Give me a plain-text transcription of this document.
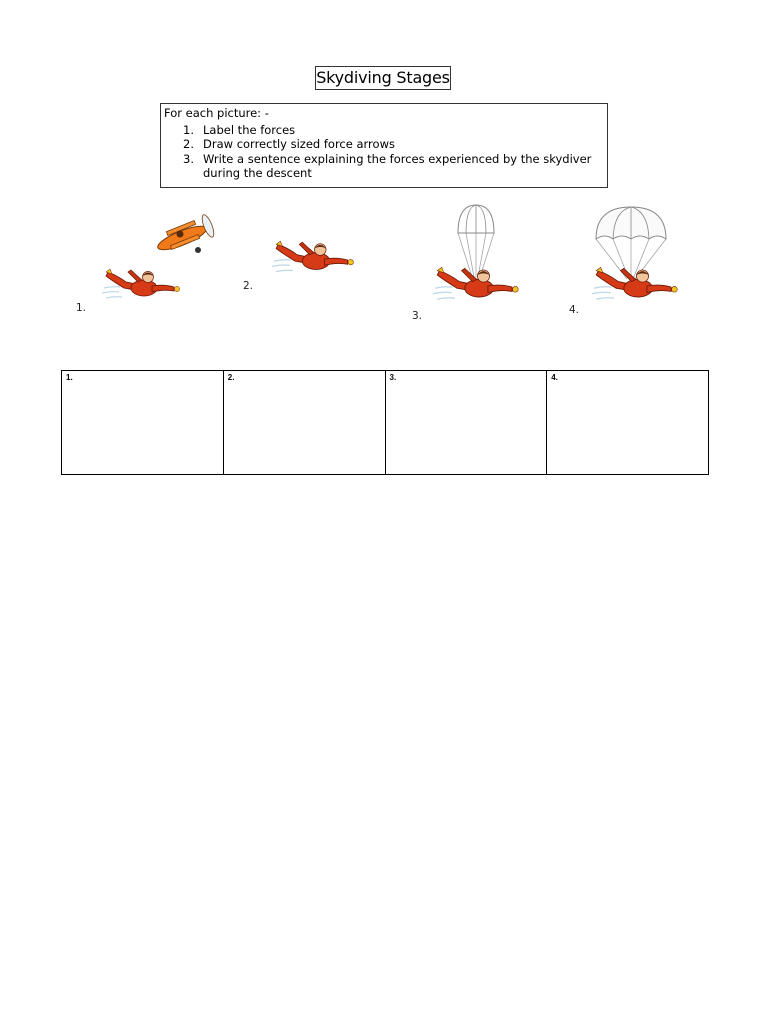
Skydiving Stages
For each picture: -
1. Label the forces
2. Draw correctly sized force arrows
3. Write a sentence explaining the forces experienced by the skydiver during the descent
1.
2.
3.	4.
1.	2.	3.	4.
